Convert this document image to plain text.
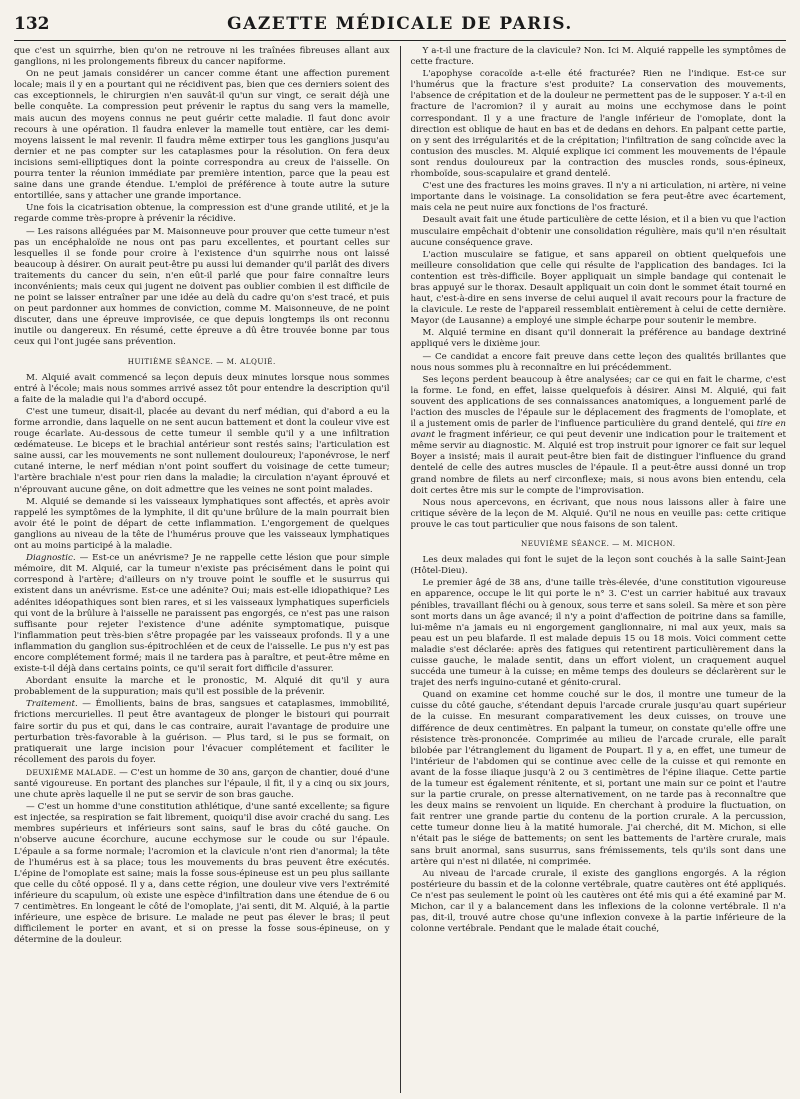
132	GAZETTE MÉDICALE DE PARIS.

que c'est un squirrhe, bien qu'on ne retrouve ni les traînées fibreuses allant aux ganglions, ni les prolongements fibreux du cancer napiforme.

On ne peut jamais considérer un cancer comme étant une affection purement locale; mais il y en a pourtant qui ne récidivent pas, bien que ces derniers soient des cas exceptionnels, le chirurgien n'en sauvât-il qu'un sur vingt, ce serait déjà une belle conquête. La compression peut prévenir le raptus du sang vers la mamelle, mais aucun des moyens connus ne peut guérir cette maladie. Il faut donc avoir recours à une opération. Il faudra enlever la mamelle tout entière, car les demi-moyens laissent le mal revenir. Il faudra même extirper tous les ganglions jusqu'au dernier et ne pas compter sur les cataplasmes pour la résolution. On fera deux incisions semi-elliptiques dont la pointe correspondra au creux de l'aisselle. On pourra tenter la réunion immédiate par première intention, parce que la peau est saine dans une grande étendue. L'emploi de préférence à toute autre la suture entortillée, sans y attacher une grande importance.

Une fois la cicatrisation obtenue, la compression est d'une grande utilité, et je la regarde comme très-propre à prévenir la récidive.

— Les raisons alléguées par M. Maisonneuve pour prouver que cette tumeur n'est pas un encéphaloïde ne nous ont pas paru excellentes, et pourtant celles sur lesquelles il se fonde pour croire à l'existence d'un squirrhe nous ont laissé beaucoup à désirer. On aurait peut-être pu aussi lui demander qu'il parlât des divers traitements du cancer du sein, n'en eût-il parlé que pour faire connaître leurs inconvénients; mais ceux qui jugent ne doivent pas oublier combien il est difficile de ne point se laisser entraîner par une idée au delà du cadre qu'on s'est tracé, et puis on peut pardonner aux hommes de conviction, comme M. Maisonneuve, de ne point discuter, dans une épreuve improvisée, ce que depuis longtemps ils ont reconnu inutile ou dangereux. En résumé, cette épreuve a dû être trouvée bonne par tous ceux qui l'ont jugée sans prévention.

HUITIÈME SÉANCE. — M. ALQUIÉ.

M. Alquié avait commencé sa leçon depuis deux minutes lorsque nous sommes entré à l'école; mais nous sommes arrivé assez tôt pour entendre la description qu'il a faite de la maladie qui l'a d'abord occupé.

C'est une tumeur, disait-il, placée au devant du nerf médian, qui d'abord a eu la forme arrondie, dans laquelle on ne sent aucun battement et dont la couleur vive est rouge écarlate. Au-dessous de cette tumeur il semble qu'il y a une infiltration œdémateuse. Le biceps et le brachial antérieur sont restés sains; l'articulation est saine aussi, car les mouvements ne sont nullement douloureux; l'aponévrose, le nerf cutané interne, le nerf médian n'ont point souffert du voisinage de cette tumeur; l'artère brachiale n'est pour rien dans la maladie; la circulation n'ayant éprouvé et n'éprouvant aucune gêne, on doit admettre que les veines ne sont point malades.

M. Alquié se demande si les vaisseaux lymphatiques sont affectés, et après avoir rappelé les symptômes de la lymphite, il dit qu'une brûlure de la main pourrait bien avoir été le point de départ de cette inflammation. L'engorgement de quelques ganglions au niveau de la tête de l'humérus prouve que les vaisseaux lymphatiques ont au moins participé à la maladie.

Diagnostic. — Est-ce un anévrisme? Je ne rappelle cette lésion que pour simple mémoire, dit M. Alquié, car la tumeur n'existe pas précisément dans le point qui correspond à l'artère; d'ailleurs on n'y trouve point le souffle et le susurrus qui existent dans un anévrisme. Est-ce une adénite? Oui; mais est-elle idiopathique? Les adénites idéopathiques sont bien rares, et si les vaisseaux lymphatiques superficiels qui vont de la brûlure à l'aisselle ne paraissent pas engorgés, ce n'est pas une raison suffisante pour rejeter l'existence d'une adénite symptomatique, puisque l'inflammation peut très-bien s'être propagée par les vaisseaux profonds. Il y a une inflammation du ganglion sus-épitrochléen et de ceux de l'aisselle. Le pus n'y est pas encore complétement formé; mais il ne tardera pas à paraître, et peut-être même en existe-t-il déjà dans certains points, ce qu'il serait fort difficile d'assurer.

Abordant ensuite la marche et le pronostic, M. Alquié dit qu'il y aura probablement de la suppuration; mais qu'il est possible de la prévenir.

Traitement. — Émollients, bains de bras, sangsues et cataplasmes, immobilité, frictions mercurielles. Il peut être avantageux de plonger le bistouri qui pourrait faire sortir du pus et qui, dans le cas contraire, aurait l'avantage de produire une perturbation très-favorable à la guérison. — Plus tard, si le pus se formait, on pratiquerait une large incision pour l'évacuer complétement et faciliter le récollement des parois du foyer.

DEUXIÈME MALADE. — C'est un homme de 30 ans, garçon de chantier, doué d'une santé vigoureuse. En portant des planches sur l'épaule, il fit, il y a cinq ou six jours, une chute après laquelle il ne put se servir de son bras gauche.

— C'est un homme d'une constitution athlétique, d'une santé excellente; sa figure est injectée, sa respiration se fait librement, quoiqu'il dise avoir craché du sang. Les membres supérieurs et inférieurs sont sains, sauf le bras du côté gauche. On n'observe aucune écorchure, aucune ecchymose sur le coude ou sur l'épaule. L'épaule a sa forme normale; l'acromion et la clavicule n'ont rien d'anormal; la tête de l'humérus est à sa place; tous les mouvements du bras peuvent être exécutés. L'épine de l'omoplate est saine; mais la fosse sous-épineuse est un peu plus saillante que celle du côté opposé. Il y a, dans cette région, une douleur vive vers l'extrémité inférieure du scapulum, où existe une espèce d'infiltration dans une étendue de 6 ou 7 centimètres. En longeant le côté de l'omoplate, j'ai senti, dit M. Alquié, à la partie inférieure, une espèce de brisure. Le malade ne peut pas élever le bras; il peut difficilement le porter en avant, et si on presse la fosse sous-épineuse, on y détermine de la douleur.

Y a-t-il une fracture de la clavicule? Non. Ici M. Alquié rappelle les symptômes de cette fracture.

L'apophyse coracoïde a-t-elle été fracturée? Rien ne l'indique. Est-ce sur l'humérus que la fracture s'est produite? La conservation des mouvements, l'absence de crépitation et de la douleur ne permettent pas de le supposer. Y a-t-il en fracture de l'acromion? il y aurait au moins une ecchymose dans le point correspondant. Il y a une fracture de l'angle inférieur de l'omoplate, dont la direction est oblique de haut en bas et de dedans en dehors. En palpant cette partie, on y sent des irrégularités et de la crépitation; l'infiltration de sang coïncide avec la contusion des muscles. M. Alquié explique ici comment les mouvements de l'épaule sont rendus douloureux par la contraction des muscles ronds, sous-épineux, rhomboïde, sous-scapulaire et grand dentelé.

C'est une des fractures les moins graves. Il n'y a ni articulation, ni artère, ni veine importante dans le voisinage. La consolidation se fera peut-être avec écartement, mais cela ne peut nuire aux fonctions de l'os fracturé.

Desault avait fait une étude particulière de cette lésion, et il a bien vu que l'action musculaire empêchait d'obtenir une consolidation régulière, mais qu'il n'en résultait aucune conséquence grave.

L'action musculaire se fatigue, et sans appareil on obtient quelquefois une meilleure consolidation que celle qui résulte de l'application des bandages. Ici la contention est très-difficile. Boyer appliquait un simple bandage qui contenait le bras appuyé sur le thorax. Desault appliquait un coin dont le sommet était tourné en haut, c'est-à-dire en sens inverse de celui auquel il avait recours pour la fracture de la clavicule. Le reste de l'appareil ressemblait entièrement à celui de cette dernière. Mayor (de Lausanne) a employé une simple écharpe pour soutenir le membre.

M. Alquié termine en disant qu'il donnerait la préférence au bandage dextriné appliqué vers le dixième jour.

— Ce candidat a encore fait preuve dans cette leçon des qualités brillantes que nous nous sommes plu à reconnaître en lui précédemment.

Ses leçons perdent beaucoup à être analysées; car ce qui en fait le charme, c'est la forme. Le fond, en effet, laisse quelquefois à désirer. Ainsi M. Alquié, qui fait souvent des applications de ses connaissances anatomiques, a longuement parlé de l'action des muscles de l'épaule sur le déplacement des fragments de l'omoplate, et il a justement omis de parler de l'influence particulière du grand dentelé, qui tire en avant le fragment inférieur, ce qui peut devenir une indication pour le traitement et même servir au diagnostic. M. Alquié est trop instruit pour ignorer ce fait sur lequel Boyer a insisté; mais il aurait peut-être bien fait de distinguer l'influence du grand dentelé de celle des autres muscles de l'épaule. Il a peut-être aussi donné un trop grand nombre de filets au nerf circonflexe; mais, si nous avons bien entendu, cela doit certes être mis sur le compte de l'improvisation.

Nous nous apercevons, en écrivant, que nous nous laissons aller à faire une critique sévère de la leçon de M. Alquié. Qu'il ne nous en veuille pas: cette critique prouve le cas tout particulier que nous faisons de son talent.

NEUVIÈME SÉANCE. — M. MICHON.

Les deux malades qui font le sujet de la leçon sont couchés à la salle Saint-Jean (Hôtel-Dieu).

Le premier âgé de 38 ans, d'une taille très-élevée, d'une constitution vigoureuse en apparence, occupe le lit qui porte le n° 3. C'est un carrier habitué aux travaux pénibles, travaillant fléchi ou à genoux, sous terre et sans soleil. Sa mère et son père sont morts dans un âge avancé; il n'y a point d'affection de poitrine dans sa famille, lui-même n'a jamais eu ni engorgement ganglionnaire, ni mal aux yeux, mais sa peau est un peu blafarde. Il est malade depuis 15 ou 18 mois. Voici comment cette maladie s'est déclarée: après des fatigues qui retentirent particulièrement dans la cuisse gauche, le malade sentit, dans un effort violent, un craquement auquel succéda une tumeur à la cuisse; en même temps des douleurs se déclarèrent sur le trajet des nerfs inguino-cutané et génito-crural.

Quand on examine cet homme couché sur le dos, il montre une tumeur de la cuisse du côté gauche, s'étendant depuis l'arcade crurale jusqu'au quart supérieur de la cuisse. En mesurant comparativement les deux cuisses, on trouve une différence de deux centimètres. En palpant la tumeur, on constate qu'elle offre une résistence très-prononcée. Comprimée au milieu de l'arcade crurale, elle paraît bilobée par l'étranglement du ligament de Poupart. Il y a, en effet, une tumeur de l'intérieur de l'abdomen qui se continue avec celle de la cuisse et qui remonte en avant de la fosse iliaque jusqu'à 2 ou 3 centimètres de l'épine iliaque. Cette partie de la tumeur est également rénitente, et si, portant une main sur ce point et l'autre sur la partie crurale, on presse alternativement, on ne tarde pas à reconnaître que les deux mains se renvoient un liquide. En cherchant à produire la fluctuation, on fait rentrer une grande partie du contenu de la portion crurale. A la percussion, cette tumeur donne lieu à la matité humorale. J'ai cherché, dit M. Michon, si elle n'était pas le siége de battements; on sent les battements de l'artère crurale, mais sans bruit anormal, sans susurrus, sans frémissements, tels qu'ils sont dans une artère qui n'est ni dilatée, ni comprimée.

Au niveau de l'arcade crurale, il existe des ganglions engorgés. A la région postérieure du bassin et de la colonne vertébrale, quatre cautères ont été appliqués. Ce n'est pas seulement le point où les cautères ont été mis qui a été examiné par M. Michon, car il y a balancement dans les inflexions de la colonne vertébrale. Il n'a pas, dit-il, trouvé autre chose qu'une inflexion convexe à la partie inférieure de la colonne vertébrale. Pendant que le malade était couché,
